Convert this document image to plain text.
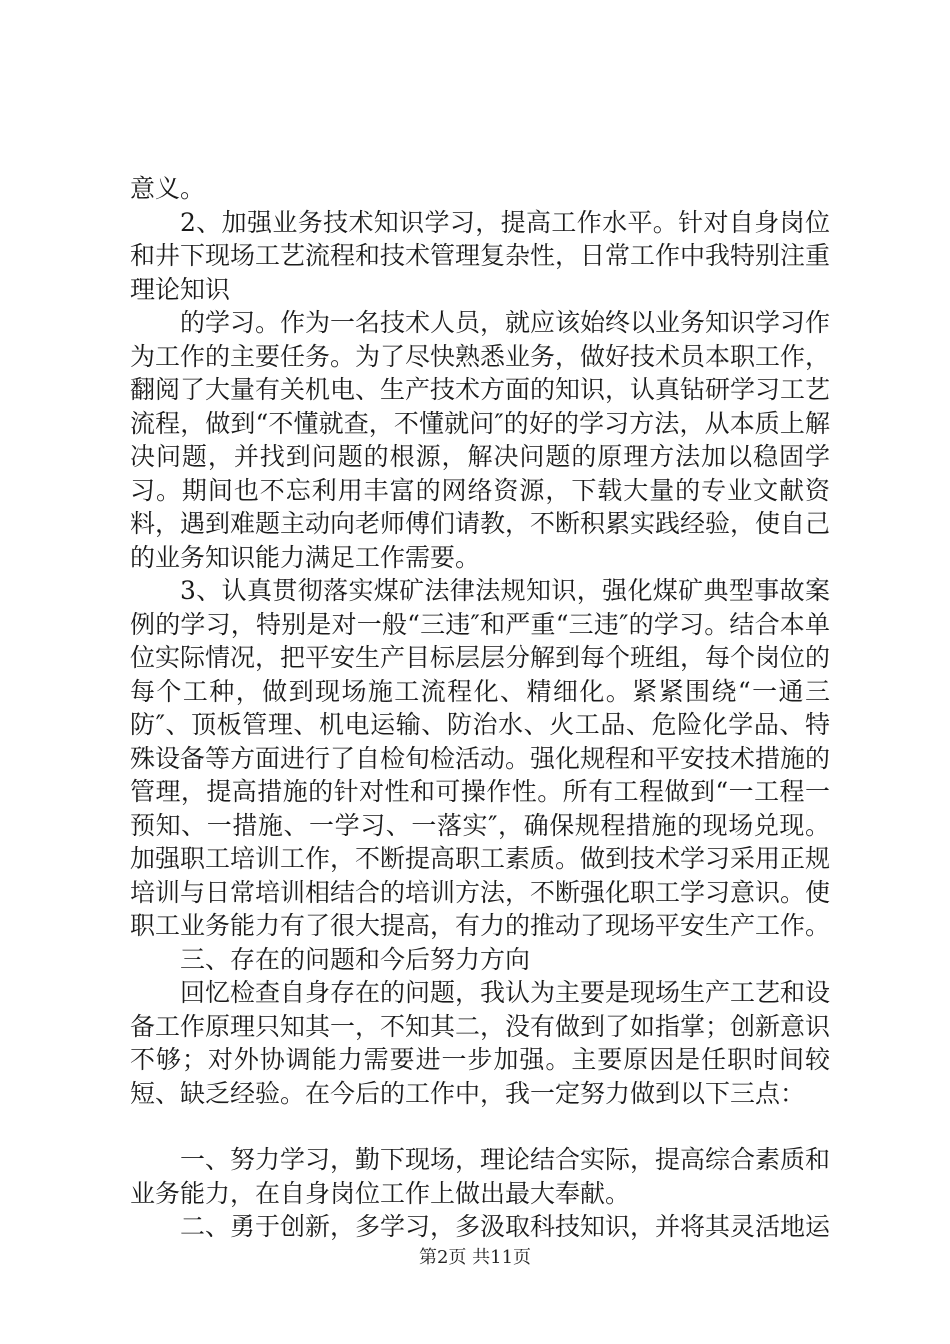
意义。

2、加强业务技术知识学习，提高工作水平。针对自身岗位和井下现场工艺流程和技术管理复杂性，日常工作中我特别注重理论知识

的学习。作为一名技术人员，就应该始终以业务知识学习作为工作的主要任务。为了尽快熟悉业务，做好技术员本职工作，翻阅了大量有关机电、生产技术方面的知识，认真钻研学习工艺流程，做到“不懂就查，不懂就问″的好的学习方法，从本质上解决问题，并找到问题的根源，解决问题的原理方法加以稳固学习。期间也不忘利用丰富的网络资源，下载大量的专业文献资料，遇到难题主动向老师傅们请教，不断积累实践经验，使自己的业务知识能力满足工作需要。

3、认真贯彻落实煤矿法律法规知识，强化煤矿典型事故案例的学习，特别是对一般“三违″和严重“三违″的学习。结合本单位实际情况，把平安生产目标层层分解到每个班组，每个岗位的每个工种，做到现场施工流程化、精细化。紧紧围绕“一通三防″、顶板管理、机电运输、防治水、火工品、危险化学品、特殊设备等方面进行了自检旬检活动。强化规程和平安技术措施的管理，提高措施的针对性和可操作性。所有工程做到“一工程一预知、一措施、一学习、一落实″，确保规程措施的现场兑现。加强职工培训工作，不断提高职工素质。做到技术学习采用正规培训与日常培训相结合的培训方法，不断强化职工学习意识。使职工业务能力有了很大提高，有力的推动了现场平安生产工作。

三、存在的问题和今后努力方向

回忆检查自身存在的问题，我认为主要是现场生产工艺和设备工作原理只知其一，不知其二，没有做到了如指掌；创新意识不够；对外协调能力需要进一步加强。主要原因是任职时间较短、缺乏经验。在今后的工作中，我一定努力做到以下三点：

一、努力学习，勤下现场，理论结合实际，提高综合素质和业务能力，在自身岗位工作上做出最大奉献。

二、勇于创新，多学习，多汲取科技知识，并将其灵活地运

第2页 共11页
